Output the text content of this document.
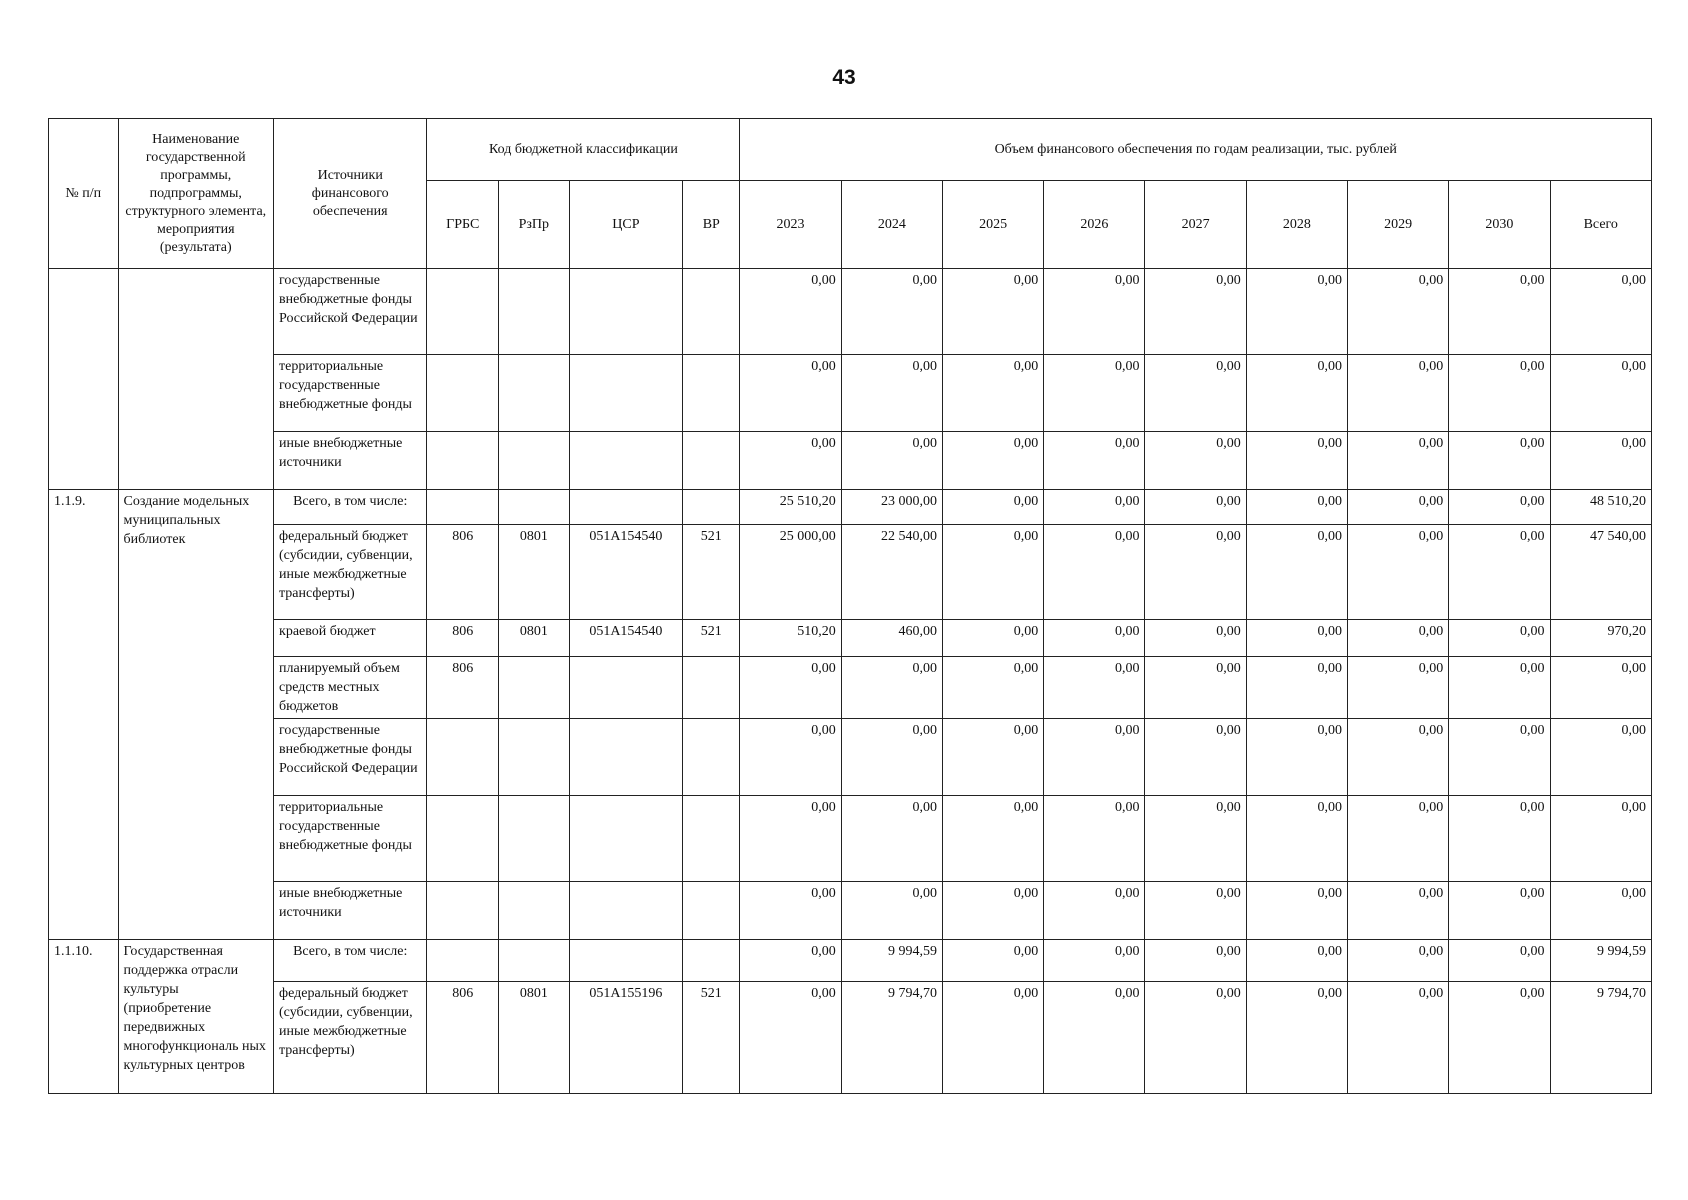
43
№ п/п	Наименование государственной программы, подпрограммы, структурного элемента, мероприятия (результата)	Источники финансового обеспечения	Код бюджетной классификации				Объем финансового обеспечения по годам реализации, тыс. рублей								
			ГРБС	РзПр	ЦСР	ВР	2023	2024	2025	2026	2027	2028	2029	2030	Всего
		государственные внебюджетные фонды Российской Федерации					0,00	0,00	0,00	0,00	0,00	0,00	0,00	0,00	0,00
		территориальные государственные внебюджетные фонды					0,00	0,00	0,00	0,00	0,00	0,00	0,00	0,00	0,00
		иные внебюджетные источники					0,00	0,00	0,00	0,00	0,00	0,00	0,00	0,00	0,00
1.1.9.	Создание модельных муниципальных библиотек	Всего, в том числе:					25 510,20	23 000,00	0,00	0,00	0,00	0,00	0,00	0,00	48 510,20
		федеральный бюджет (субсидии, субвенции, иные межбюджетные трансферты)	806	0801	051А154540	521	25 000,00	22 540,00	0,00	0,00	0,00	0,00	0,00	0,00	47 540,00
		краевой бюджет	806	0801	051А154540	521	510,20	460,00	0,00	0,00	0,00	0,00	0,00	0,00	970,20
		планируемый объем средств местных бюджетов	806				0,00	0,00	0,00	0,00	0,00	0,00	0,00	0,00	0,00
		государственные внебюджетные фонды Российской Федерации					0,00	0,00	0,00	0,00	0,00	0,00	0,00	0,00	0,00
		территориальные государственные внебюджетные фонды					0,00	0,00	0,00	0,00	0,00	0,00	0,00	0,00	0,00
		иные внебюджетные источники					0,00	0,00	0,00	0,00	0,00	0,00	0,00	0,00	0,00
1.1.10.	Государственная поддержка отрасли культуры (приобретение передвижных многофункциональ ных культурных центров	Всего, в том числе:					0,00	9 994,59	0,00	0,00	0,00	0,00	0,00	0,00	9 994,59
		федеральный бюджет (субсидии, субвенции, иные межбюджетные трансферты)	806	0801	051А155196	521	0,00	9 794,70	0,00	0,00	0,00	0,00	0,00	0,00	9 794,70
